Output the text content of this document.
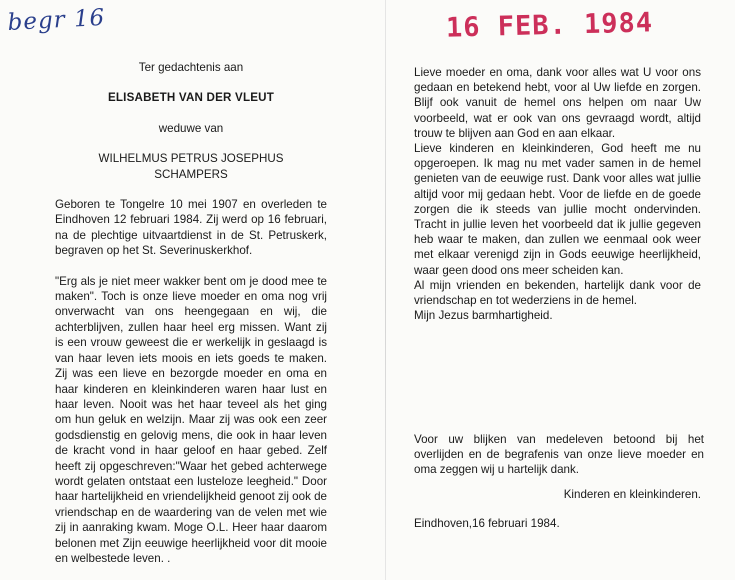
begr 16	16 FEB. 1984
Ter gedachtenis aan
ELISABETH VAN DER VLEUT
weduwe van
WILHELMUS PETRUS JOSEPHUS
SCHAMPERS

Geboren te Tongelre 10 mei 1907 en overleden te Eindhoven 12 februari 1984. Zij werd op 16 februari, na de plechtige uitvaartdienst in de St. Petruskerk, begraven op het St. Severinuskerkhof.

"Erg als je niet meer wakker bent om je dood mee te maken". Toch is onze lieve moeder en oma nog vrij onverwacht van ons heengegaan en wij, die achterblijven, zullen haar heel erg missen. Want zij is een vrouw geweest die er werkelijk in geslaagd is van haar leven iets moois en iets goeds te maken. Zij was een lieve en bezorgde moeder en oma en haar kinderen en kleinkinderen waren haar lust en haar leven. Nooit was het haar teveel als het ging om hun geluk en welzijn. Maar zij was ook een zeer godsdienstig en gelovig mens, die ook in haar leven de kracht vond in haar geloof en haar gebed. Zelf heeft zij opgeschreven:"Waar het gebed achterwege wordt gelaten ontstaat een lusteloze leegheid." Door haar hartelijkheid en vriendelijkheid genoot zij ook de vriendschap en de waardering van de velen met wie zij in aanraking kwam. Moge O.L. Heer haar daarom belonen met Zijn eeuwige heerlijkheid voor dit mooie en welbestede leven. .

Lieve moeder en oma, dank voor alles wat U voor ons gedaan en betekend hebt, voor al Uw liefde en zorgen. Blijf ook vanuit de hemel ons helpen om naar Uw voorbeeld, wat er ook van ons gevraagd wordt, altijd trouw te blijven aan God en aan elkaar.

Lieve kinderen en kleinkinderen, God heeft me nu opgeroepen. Ik mag nu met vader samen in de hemel genieten van de eeuwige rust. Dank voor alles wat jullie altijd voor mij gedaan hebt. Voor de liefde en de goede zorgen die ik steeds van jullie mocht ondervinden. Tracht in jullie leven het voorbeeld dat ik jullie gegeven heb waar te maken, dan zullen we eenmaal ook weer met elkaar verenigd zijn in Gods eeuwige heerlijkheid, waar geen dood ons meer scheiden kan.

Al mijn vrienden en bekenden, hartelijk dank voor de vriendschap en tot wederziens in de hemel.

Mijn Jezus barmhartigheid.

Voor uw blijken van medeleven betoond bij het overlijden en de begrafenis van onze lieve moeder en oma zeggen wij u hartelijk dank.

Kinderen en kleinkinderen.
Eindhoven,16 februari 1984.
